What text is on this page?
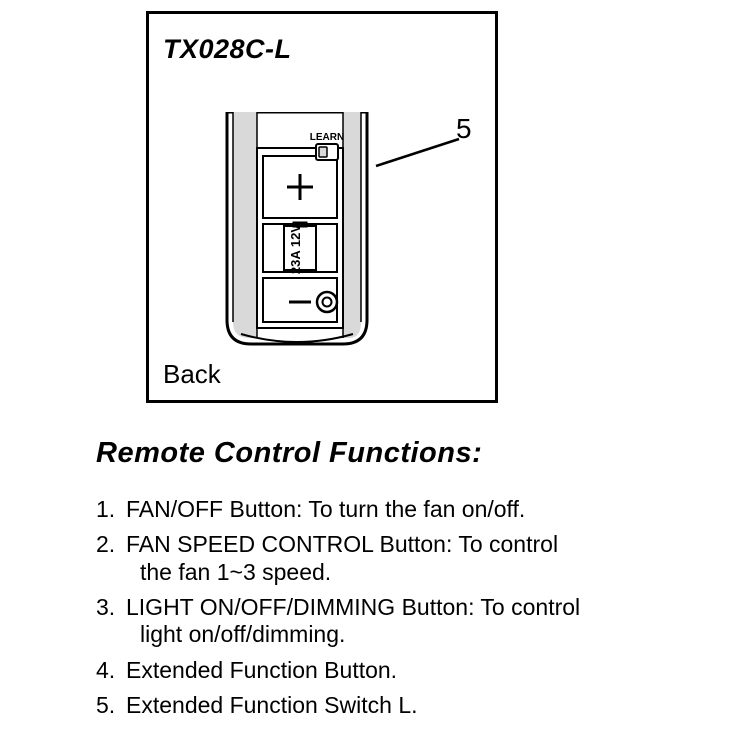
TX028C-L
23A 12V
LEARN	5
Back
Remote Control Functions:
1. FAN/OFF Button: To turn the fan on/off.
2. FAN SPEED CONTROL Button: To control
the fan 1~3 speed.
3. LIGHT ON/OFF/DIMMING Button: To control
light on/off/dimming.
4. Extended Function Button.
5. Extended Function Switch L.
